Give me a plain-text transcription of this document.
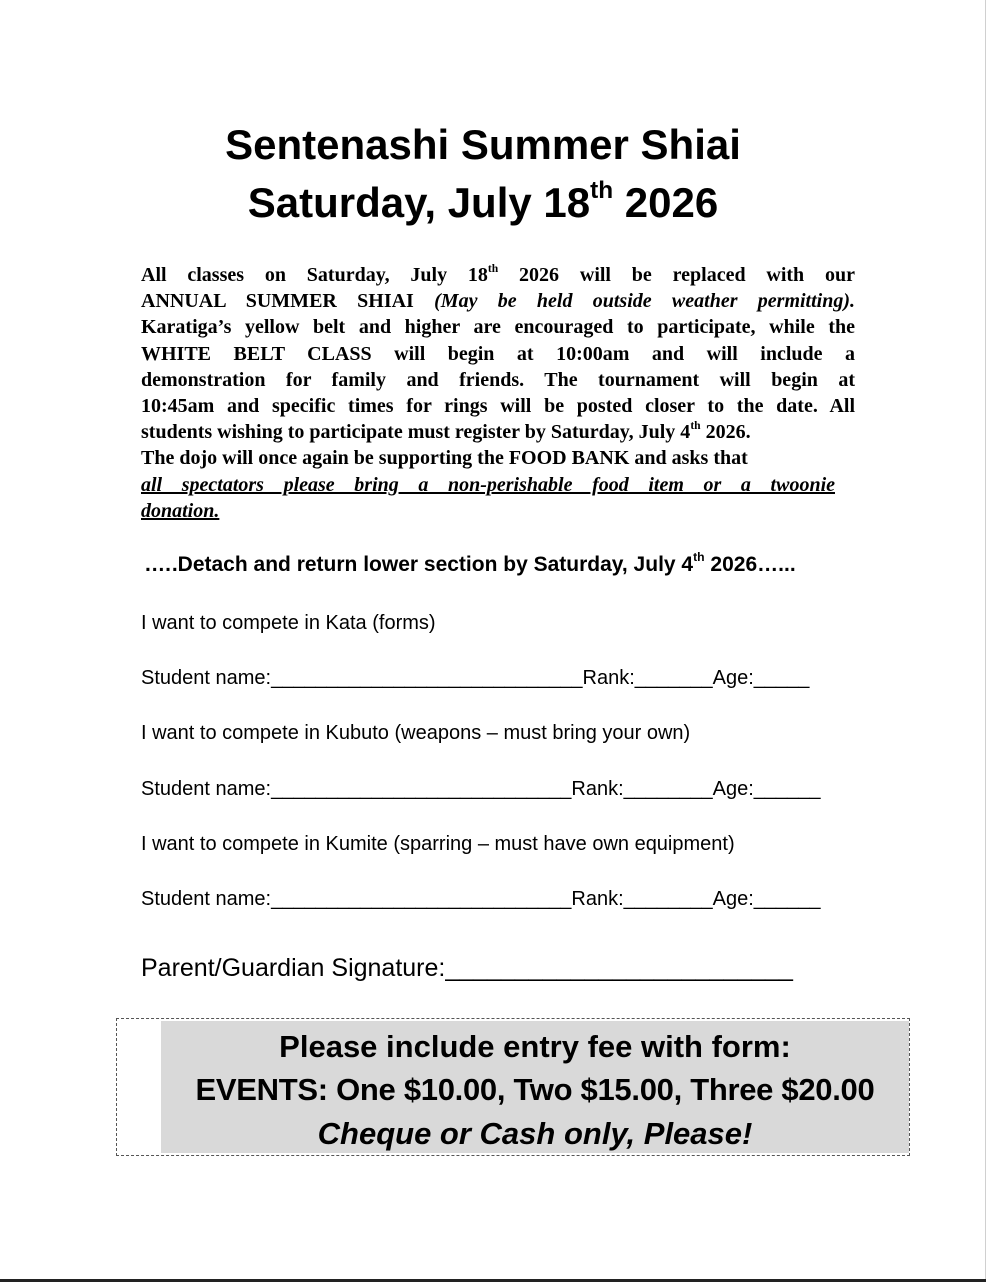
Sentenashi Summer Shiai
Saturday, July 18th 2026
All classes on Saturday, July 18th 2026 will be replaced with our
ANNUAL SUMMER SHIAI (May be held outside weather permitting).
Karatiga’s yellow belt and higher are encouraged to participate, while the
WHITE BELT CLASS will begin at 10:00am and will include a
demonstration for family and friends. The tournament will begin at
10:45am and specific times for rings will be posted closer to the date. All
students wishing to participate must register by Saturday, July 4th 2026.
The dojo will once again be supporting the FOOD BANK and asks that
all spectators please bring a non-perishable food item or a twoonie
donation.
.….Detach and return lower section by Saturday, July 4th 2026…...
I want to compete in Kata (forms)
Student name:____________________________Rank:_______Age:_____
I want to compete in Kubuto (weapons – must bring your own)
Student name:___________________________Rank:________Age:______
I want to compete in Kumite (sparring – must have own equipment)
Student name:___________________________Rank:________Age:______
Parent/Guardian Signature:_________________________
Please include entry fee with form:
EVENTS: One $10.00, Two $15.00, Three $20.00
Cheque or Cash only, Please!
